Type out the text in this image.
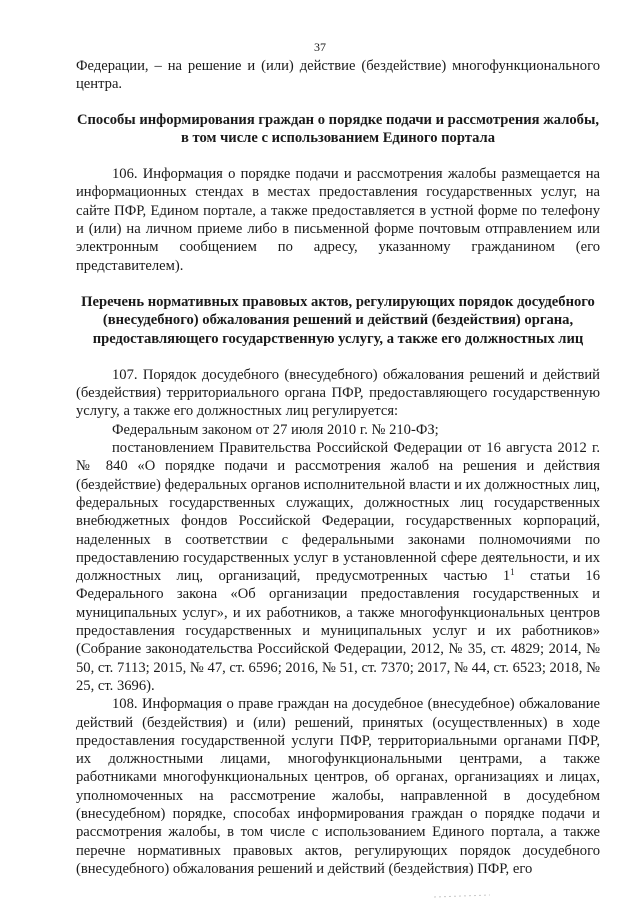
37

Федерации, – на решение и (или) действие (бездействие) многофункционального центра.

Способы информирования граждан о порядке подачи и рассмотрения жалобы, в том числе с использованием Единого портала

106. Информация о порядке подачи и рассмотрения жалобы размещается на информационных стендах в местах предоставления государственных услуг, на сайте ПФР, Едином портале, а также предоставляется в устной форме по телефону и (или) на личном приеме либо в письменной форме почтовым отправлением или электронным сообщением по адресу, указанному гражданином (его представителем).

Перечень нормативных правовых актов, регулирующих порядок досудебного (внесудебного) обжалования решений и действий (бездействия) органа, предоставляющего государственную услугу, а также его должностных лиц

107. Порядок досудебного (внесудебного) обжалования решений и действий (бездействия) территориального органа ПФР, предоставляющего государственную услугу, а также его должностных лиц регулируется:

Федеральным законом от 27 июля 2010 г. № 210-ФЗ;

постановлением Правительства Российской Федерации от 16 августа 2012 г. № 840 «О порядке подачи и рассмотрения жалоб на решения и действия (бездействие) федеральных органов исполнительной власти и их должностных лиц, федеральных государственных служащих, должностных лиц государственных внебюджетных фондов Российской Федерации, государственных корпораций, наделенных в соответствии с федеральными законами полномочиями по предоставлению государственных услуг в установленной сфере деятельности, и их должностных лиц, организаций, предусмотренных частью $1^1$ статьи 16 Федерального закона «Об организации предоставления государственных и муниципальных услуг», и их работников, а также многофункциональных центров предоставления государственных и муниципальных услуг и их работников» (Собрание законодательства Российской Федерации, 2012, № 35, ст. 4829; 2014, № 50, ст. 7113; 2015, № 47, ст. 6596; 2016, № 51, ст. 7370; 2017, № 44, ст. 6523; 2018, № 25, ст. 3696).

108. Информация о праве граждан на досудебное (внесудебное) обжалование действий (бездействия) и (или) решений, принятых (осуществленных) в ходе предоставления государственной услуги ПФР, территориальными органами ПФР, их должностными лицами, многофункциональными центрами, а также работниками многофункциональных центров, об органах, организациях и лицах, уполномоченных на рассмотрение жалобы, направленной в досудебном (внесудебном) порядке, способах информирования граждан о порядке подачи и рассмотрения жалобы, в том числе с использованием Единого портала, а также перечне нормативных правовых актов, регулирующих порядок досудебного (внесудебного) обжалования решений и действий (бездействия) ПФР, его
